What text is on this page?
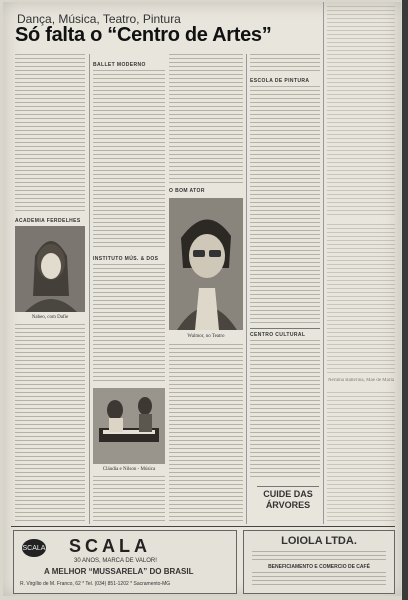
Dança, Música, Teatro, Pintura
Só falta o “Centro de Artes”
ACADEMIA FERDELHES
Nabeo, com Dafie
BALLET MODERNO
O BOM ATOR
Walmor, no Teatro
INSTITUTO MÚS. & DOS
Cláudia e Nilson - Música
ESCOLA DE PINTURA
CENTRO CULTURAL
CUIDE DAS ÁRVORES
Nerinha Ballerina, Mãe de Maria
SCALA SCALA
30 ANOS, MARCA DE VALOR!
A MELHOR “MUSSARELA” DO BRASIL
R. Virgílio de M. Franco, 62 * Tel. (034) 851-1202 * Sacramento-MG
LOIOLA LTDA.
BENEFICIAMENTO E COMERCIO DE CAFÉ
